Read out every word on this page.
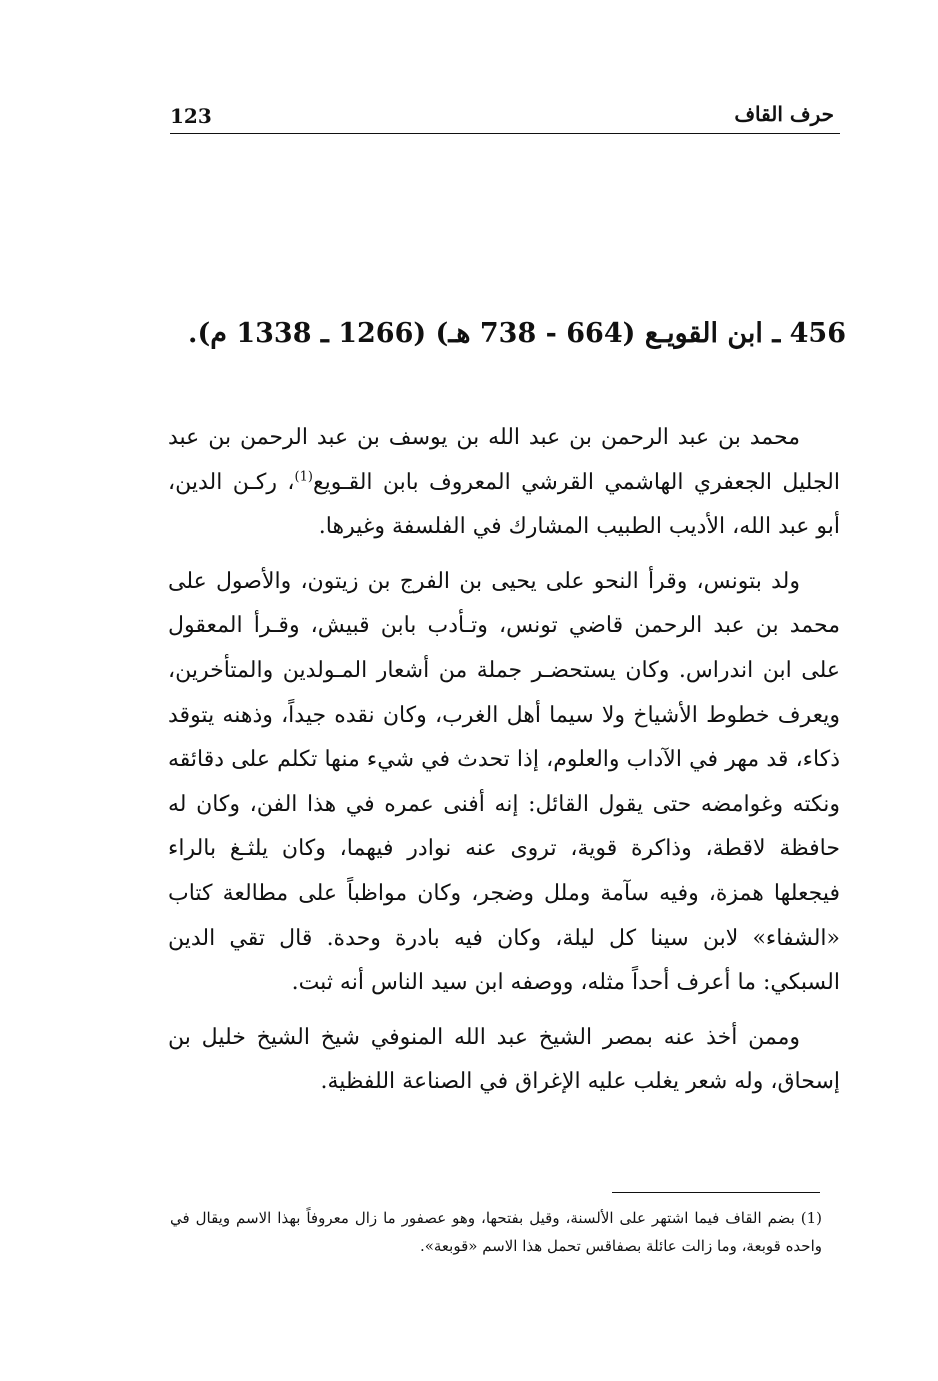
123	حرف القاف
456 ـ ابن القويـع (664 - 738 هـ) (1266 ـ 1338 م).

محمد بن عبد الرحمن بن عبد الله بن يوسف بن عبد الرحمن بن عبد الجليل الجعفري الهاشمي القرشي المعروف بابن القـويع$^{(1)}$، ركـن الدين، أبو عبد الله، الأديب الطبيب المشارك في الفلسفة وغيرها.

ولد بتونس، وقرأ النحو على يحيى بن الفرج بن زيتون، والأصول على محمد بن عبد الرحمن قاضي تونس، وتـأدب بابن قبيش، وقـرأ المعقول على ابن اندراس. وكان يستحضـر جملة من أشعار المـولدين والمتأخرين، ويعرف خطوط الأشياخ ولا سيما أهل الغرب، وكان نقده جيداً، وذهنه يتوقد ذكاء، قد مهر في الآداب والعلوم، إذا تحدث في شيء منها تكلم على دقائقه ونكته وغوامضه حتى يقول القائل: إنه أفنى عمره في هذا الفن، وكان له حافظة لاقطة، وذاكرة قوية، تروى عنه نوادر فيهما، وكان يلثـغ بالراء فيجعلها همزة، وفيه سآمة وملل وضجر، وكان مواظباً على مطالعة كتاب «الشفاء» لابن سينا كل ليلة، وكان فيه بادرة وحدة. قال تقي الدين السبكي: ما أعرف أحداً مثله، ووصفه ابن سيد الناس أنه ثبت.

وممن أخذ عنه بمصر الشيخ عبد الله المنوفي شيخ الشيخ خليل بن إسحاق، وله شعر يغلب عليه الإغراق في الصناعة اللفظية.

(1) بضم القاف فيما اشتهر على الألسنة، وقيل بفتحها، وهو عصفور ما زال معروفاً بهذا الاسم ويقال في واحده قوبعة، وما زالت عائلة بصفاقس تحمل هذا الاسم «قوبعة».
